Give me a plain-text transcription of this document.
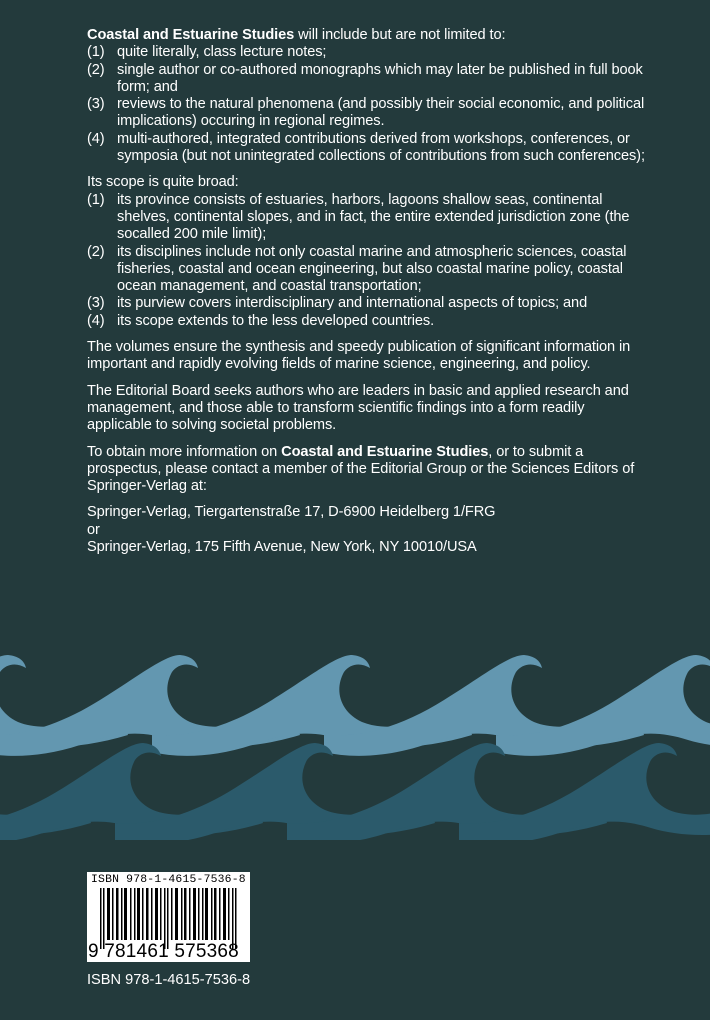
Coastal and Estuarine Studies will include but are not limited to:

(1) quite literally, class lecture notes;
(2) single author or co-authored monographs which may later be published in full book form; and
(3) reviews to the natural phenomena (and possibly their social economic, and political implications) occuring in regional regimes.
(4) multi-authored, integrated contributions derived from workshops, conferences, or symposia (but not unintegrated collections of contributions from such conferences);

Its scope is quite broad:

(1) its province consists of estuaries, harbors, lagoons shallow seas, continental shelves, continental slopes, and in fact, the entire extended jurisdiction zone (the socalled 200 mile limit);
(2) its disciplines include not only coastal marine and atmospheric sciences, coastal fisheries, coastal and ocean engineering, but also coastal marine policy, coastal ocean management, and coastal transportation;
(3) its purview covers interdisciplinary and international aspects of topics; and
(4) its scope extends to the less developed countries.

The volumes ensure the synthesis and speedy publication of significant information in important and rapidly evolving fields of marine science, engineering, and policy.

The Editorial Board seeks authors who are leaders in basic and applied research and management, and those able to transform scientific findings into a form readily applicable to solving societal problems.

To obtain more information on Coastal and Estuarine Studies, or to submit a prospectus, please contact a member of the Editorial Group or the Sciences Editors of Springer-Verlag at:

Springer-Verlag, Tiergartenstraße 17, D-6900 Heidelberg 1/FRG

or

Springer-Verlag, 175 Fifth Avenue, New York, NY 10010/USA

ISBN 978-1-4615-7536-8
9 781461 575368
ISBN 978-1-4615-7536-8
